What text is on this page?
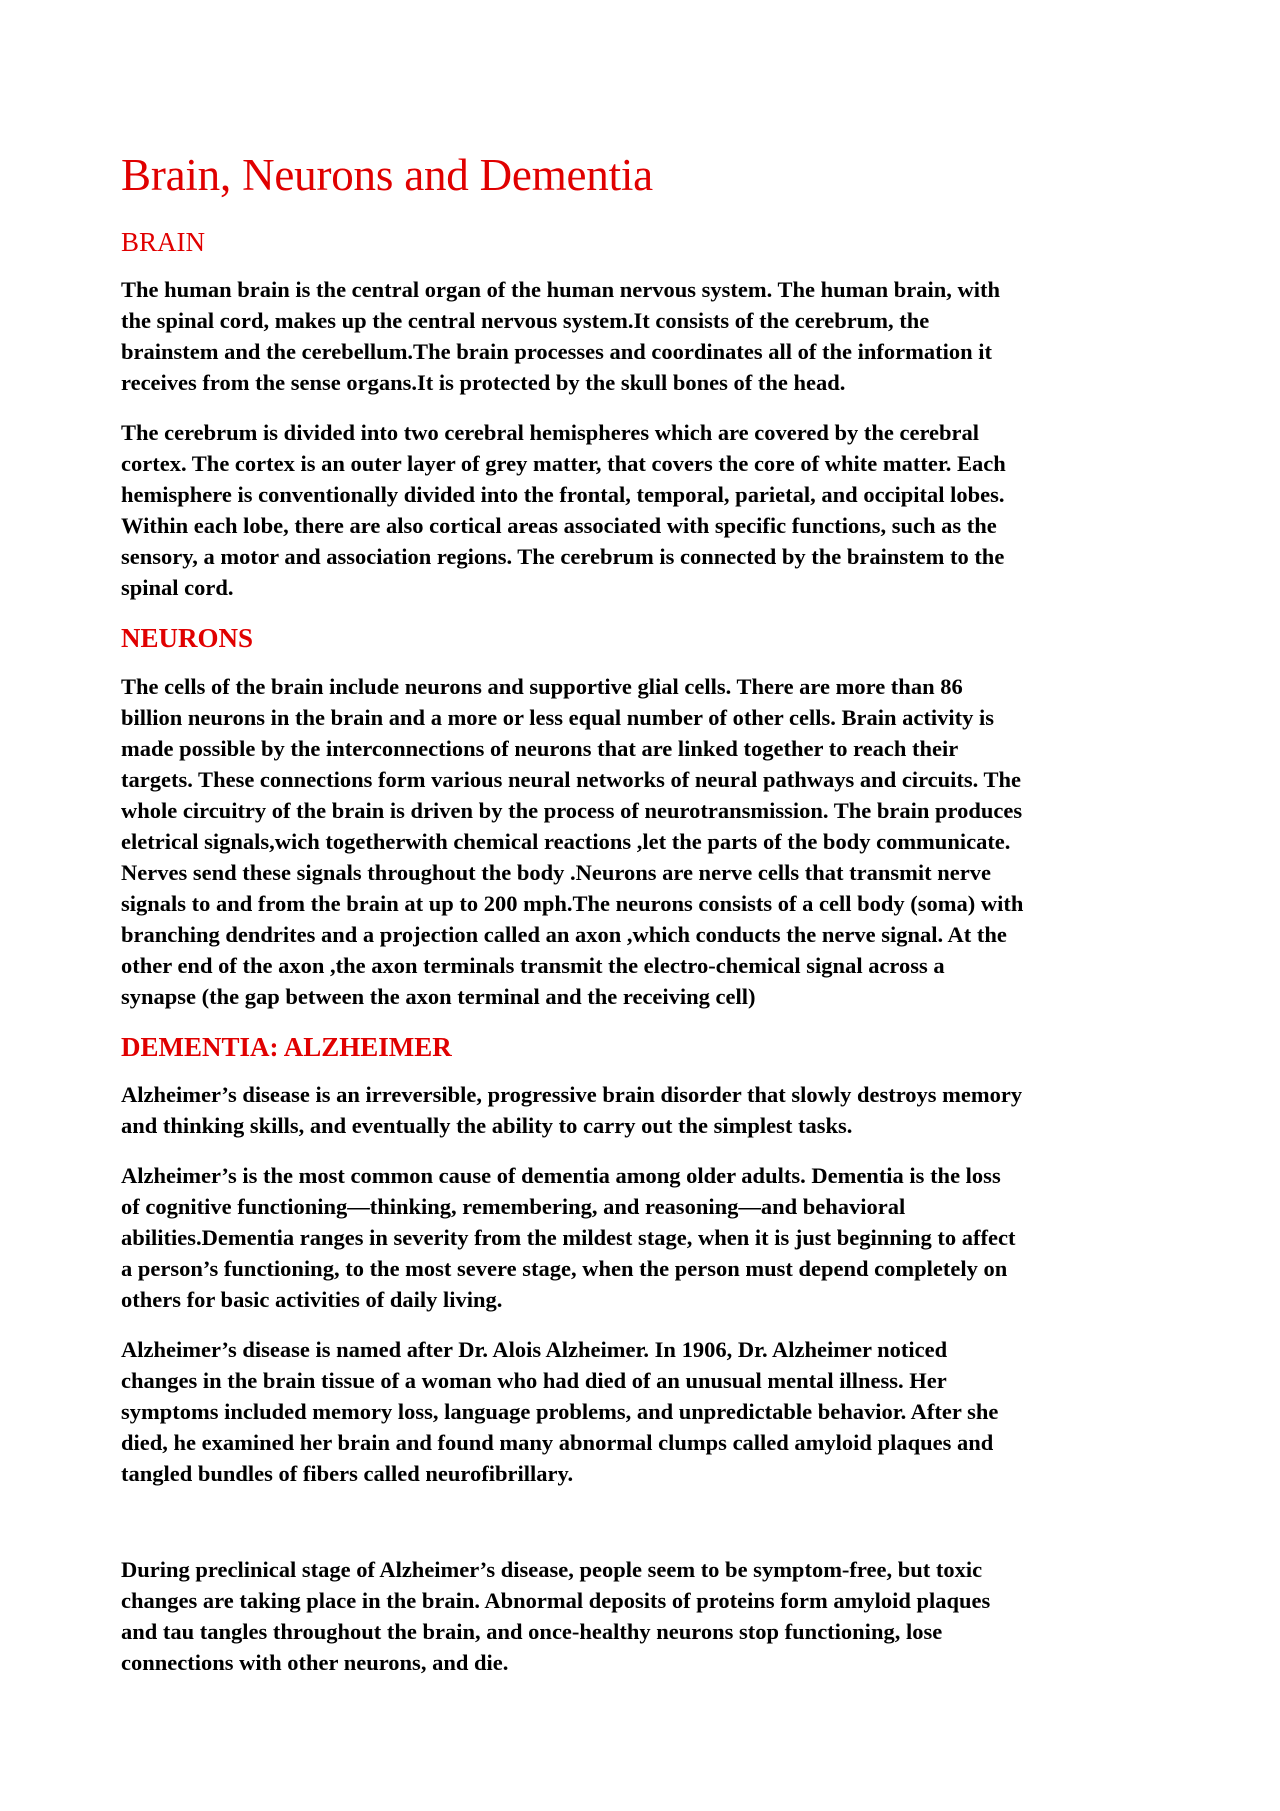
Brain, Neurons and Dementia
BRAIN

The human brain is the central organ of the human nervous system. The human brain, with
the spinal cord, makes up the central nervous system.It consists of the cerebrum, the
brainstem and the cerebellum.The brain processes and coordinates all of the information it
receives from the sense organs.It is protected by the skull bones of the head.

The cerebrum is divided into two cerebral hemispheres which are covered by the cerebral
cortex. The cortex is an outer layer of grey matter, that covers the core of white matter. Each
hemisphere is conventionally divided into the frontal, temporal, parietal, and occipital lobes.
Within each lobe, there are also cortical areas associated with specific functions, such as the
sensory, a motor and association regions. The cerebrum is connected by the brainstem to the
spinal cord.

NEURONS

The cells of the brain include neurons and supportive glial cells. There are more than 86
billion neurons in the brain and a more or less equal number of other cells. Brain activity is
made possible by the interconnections of neurons that are linked together to reach their
targets. These connections form various neural networks of neural pathways and circuits. The
whole circuitry of the brain is driven by the process of neurotransmission. The brain produces
eletrical signals,wich togetherwith chemical reactions ,let the parts of the body communicate.
Nerves send these signals throughout the body .Neurons are nerve cells that transmit nerve
signals to and from the brain at up to 200 mph.The neurons consists of a cell body (soma) with
branching dendrites and a projection called an axon ,which conducts the nerve signal. At the
other end of the axon ,the axon terminals transmit the electro-chemical signal across a
synapse (the gap between the axon terminal and the receiving cell)

DEMENTIA: ALZHEIMER

Alzheimer’s disease is an irreversible, progressive brain disorder that slowly destroys memory
and thinking skills, and eventually the ability to carry out the simplest tasks.

Alzheimer’s is the most common cause of dementia among older adults. Dementia is the loss
of cognitive functioning—thinking, remembering, and reasoning—and behavioral
abilities.Dementia ranges in severity from the mildest stage, when it is just beginning to affect
a person’s functioning, to the most severe stage, when the person must depend completely on
others for basic activities of daily living.

Alzheimer’s disease is named after Dr. Alois Alzheimer. In 1906, Dr. Alzheimer noticed
changes in the brain tissue of a woman who had died of an unusual mental illness. Her
symptoms included memory loss, language problems, and unpredictable behavior. After she
died, he examined her brain and found many abnormal clumps called amyloid plaques and
tangled bundles of fibers called neurofibrillary.

During preclinical stage of Alzheimer’s disease, people seem to be symptom-free, but toxic
changes are taking place in the brain. Abnormal deposits of proteins form amyloid plaques
and tau tangles throughout the brain, and once-healthy neurons stop functioning, lose
connections with other neurons, and die.
